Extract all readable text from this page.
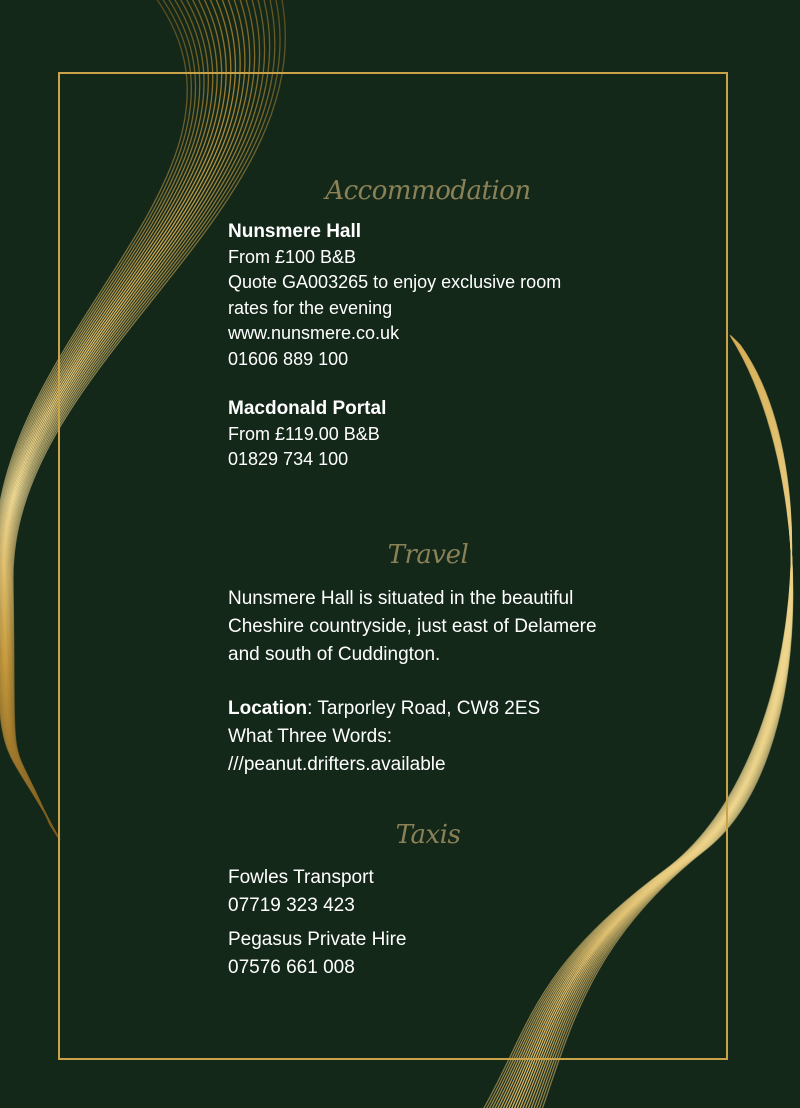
Accommodation
Nunsmere Hall
From £100 B&B
Quote GA003265 to enjoy exclusive room
rates for the evening
www.nunsmere.co.uk
01606 889 100
Macdonald Portal
From £119.00 B&B
01829 734 100
Travel
Nunsmere Hall is situated in the beautiful
Cheshire countryside, just east of Delamere
and south of Cuddington.
Location: Tarporley Road, CW8 2ES
What Three Words:
///peanut.drifters.available
Taxis
Fowles Transport
07719 323 423
Pegasus Private Hire
07576 661 008
